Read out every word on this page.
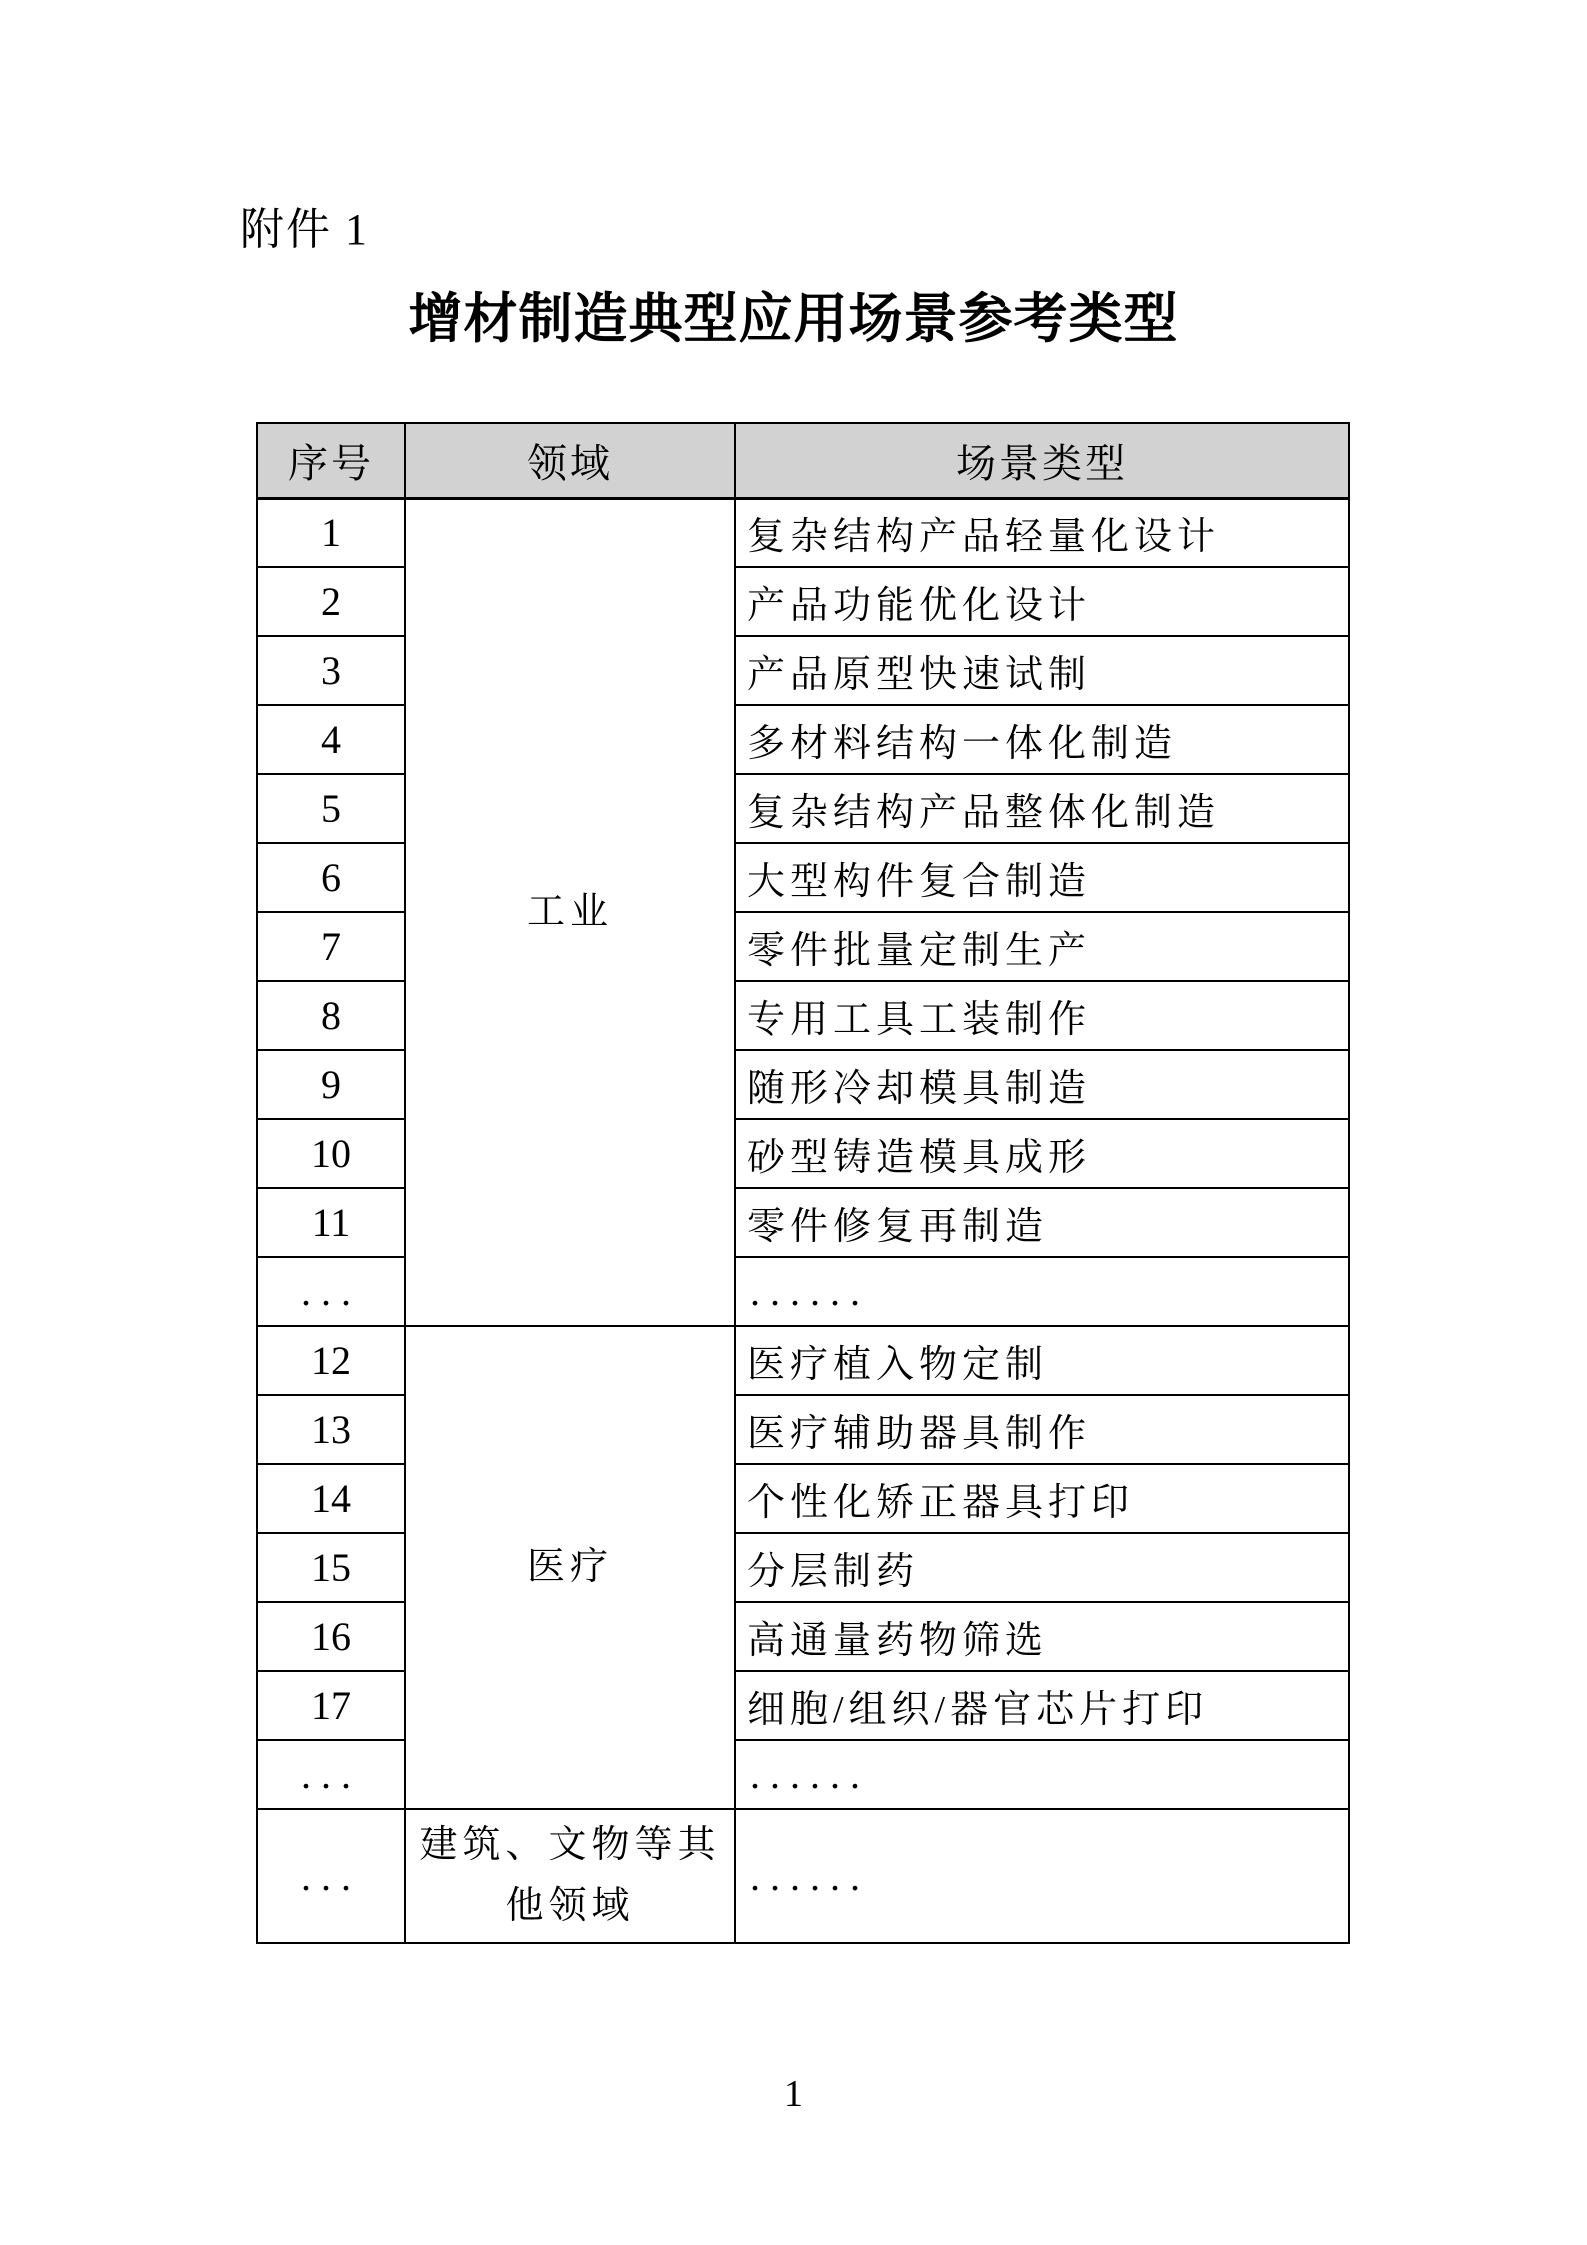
附件 1
增材制造典型应用场景参考类型
序号	领域	场景类型
1	工业	复杂结构产品轻量化设计
2		产品功能优化设计
3		产品原型快速试制
4		多材料结构一体化制造
5		复杂结构产品整体化制造
6		大型构件复合制造
7		零件批量定制生产
8		专用工具工装制作
9		随形冷却模具制造
10		砂型铸造模具成形
11		零件修复再制造
...		......
12	医疗	医疗植入物定制
13		医疗辅助器具制作
14		个性化矫正器具打印
15		分层制药
16		高通量药物筛选
17		细胞/组织/器官芯片打印
...		......
...	建筑、文物等其他领域	......
1
